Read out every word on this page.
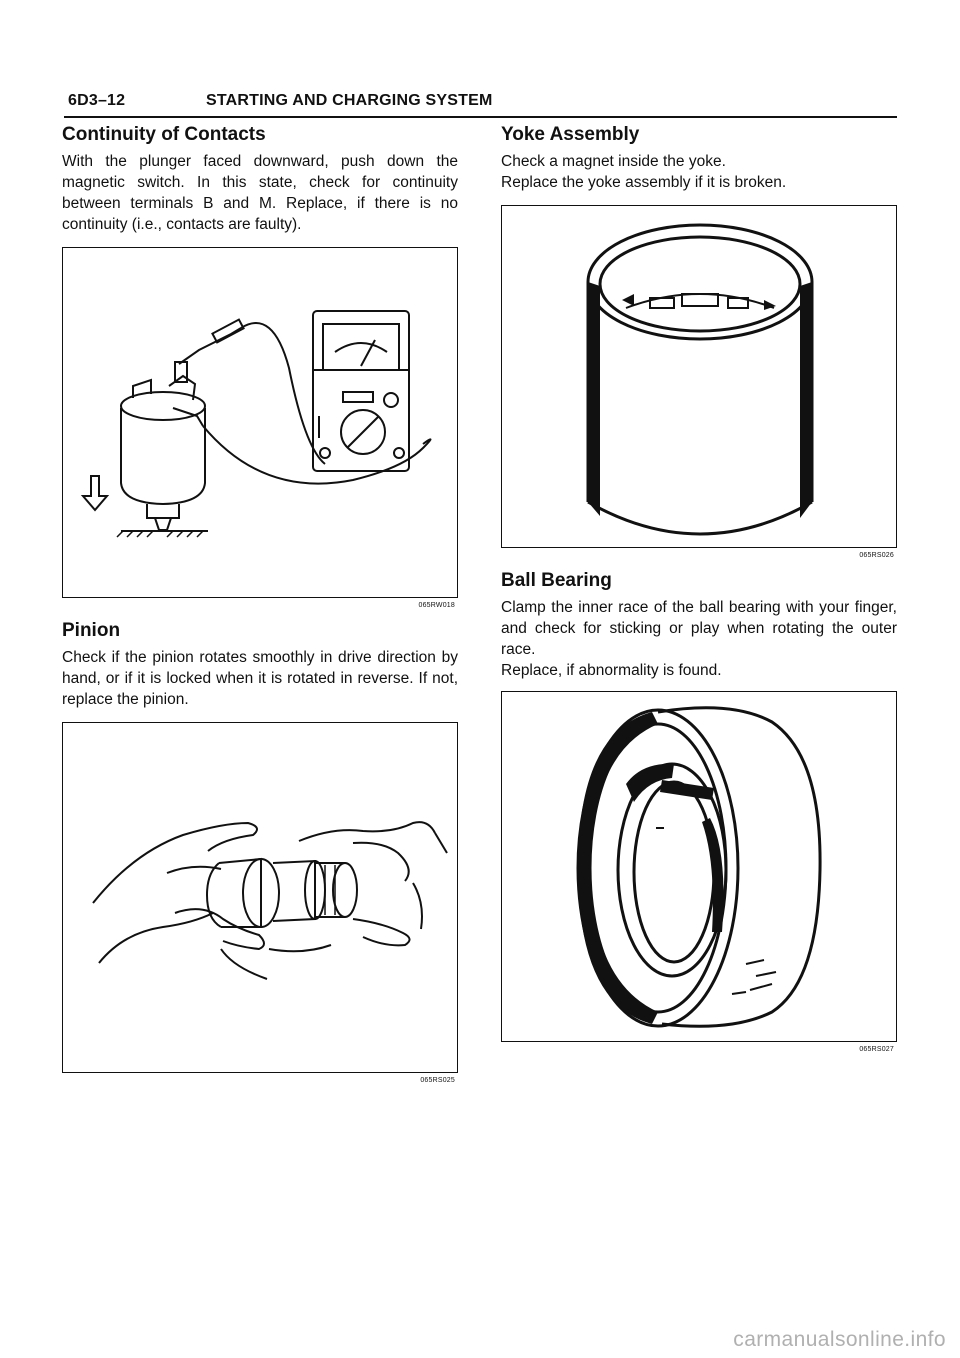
6D3–12	STARTING AND CHARGING SYSTEM
Continuity of Contacts

With the plunger faced downward, push down the magnetic switch. In this state, check for continuity between terminals B and M. Replace, if there is no continuity (i.e., contacts are faulty).

065RW018
Pinion

Check if the pinion rotates smoothly in drive direction by hand, or if it is locked when it is rotated in reverse. If not, replace the pinion.

065RS025
Yoke Assembly

Check a magnet inside the yoke.

Replace the yoke assembly if it is broken.

065RS026
Ball Bearing

Clamp the inner race of the ball bearing with your finger, and check for sticking or play when rotating the outer race.

Replace, if abnormality is found.

065RS027
carmanualsonline.info
